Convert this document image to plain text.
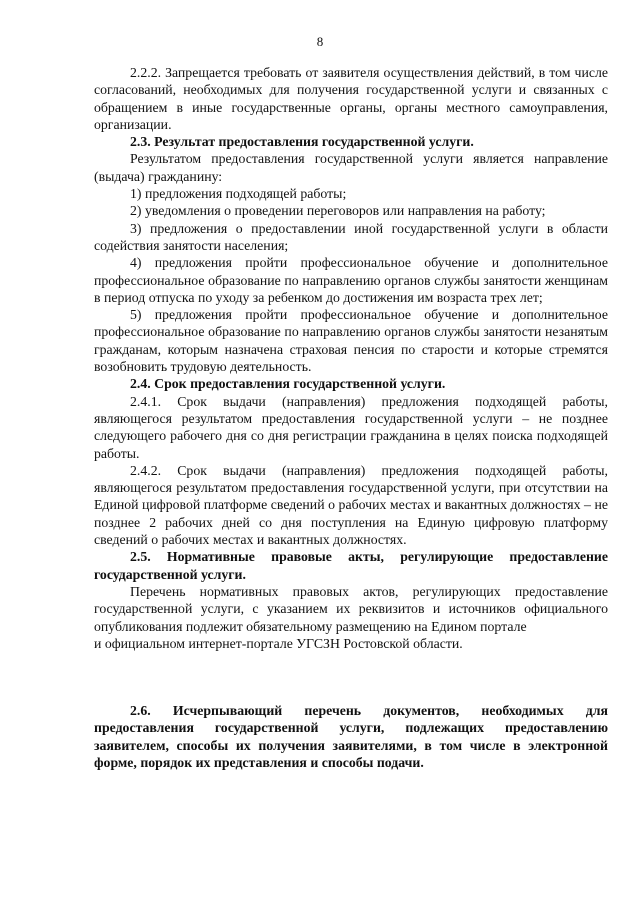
8

2.2.2. Запрещается требовать от заявителя осуществления действий, в том числе согласований, необходимых для получения государственной услуги и связанных с обращением в иные государственные органы, органы местного самоуправления, организации.

2.3. Результат предоставления государственной услуги.

Результатом предоставления государственной услуги является направление (выдача) гражданину:

1) предложения подходящей работы;

2) уведомления о проведении переговоров или направления на работу;

3) предложения о предоставлении иной государственной услуги в области содействия занятости населения;

4) предложения пройти профессиональное обучение и дополнительное профессиональное образование по направлению органов службы занятости женщинам в период отпуска по уходу за ребенком до достижения им возраста трех лет;

5) предложения пройти профессиональное обучение и дополнительное профессиональное образование по направлению органов службы занятости незанятым гражданам, которым назначена страховая пенсия по старости и которые стремятся возобновить трудовую деятельность.

2.4. Срок предоставления государственной услуги.

2.4.1. Срок выдачи (направления) предложения подходящей работы, являющегося результатом предоставления государственной услуги – не позднее следующего рабочего дня со дня регистрации гражданина в целях поиска подходящей работы.

2.4.2. Срок выдачи (направления) предложения подходящей работы, являющегося результатом предоставления государственной услуги, при отсутствии на Единой цифровой платформе сведений о рабочих местах и вакантных должностях – не позднее 2 рабочих дней со дня поступления на Единую цифровую платформу сведений о рабочих местах и вакантных должностях.

2.5. Нормативные правовые акты, регулирующие предоставление государственной услуги.

Перечень нормативных правовых актов, регулирующих предоставление государственной услуги, с указанием их реквизитов и источников официального опубликования подлежит обязательному размещению на Едином портале

и официальном интернет-портале УГСЗН Ростовской области.

2.6. Исчерпывающий перечень документов, необходимых для предоставления государственной услуги, подлежащих предоставлению заявителем, способы их получения заявителями, в том числе в электронной форме, порядок их представления и способы подачи.
